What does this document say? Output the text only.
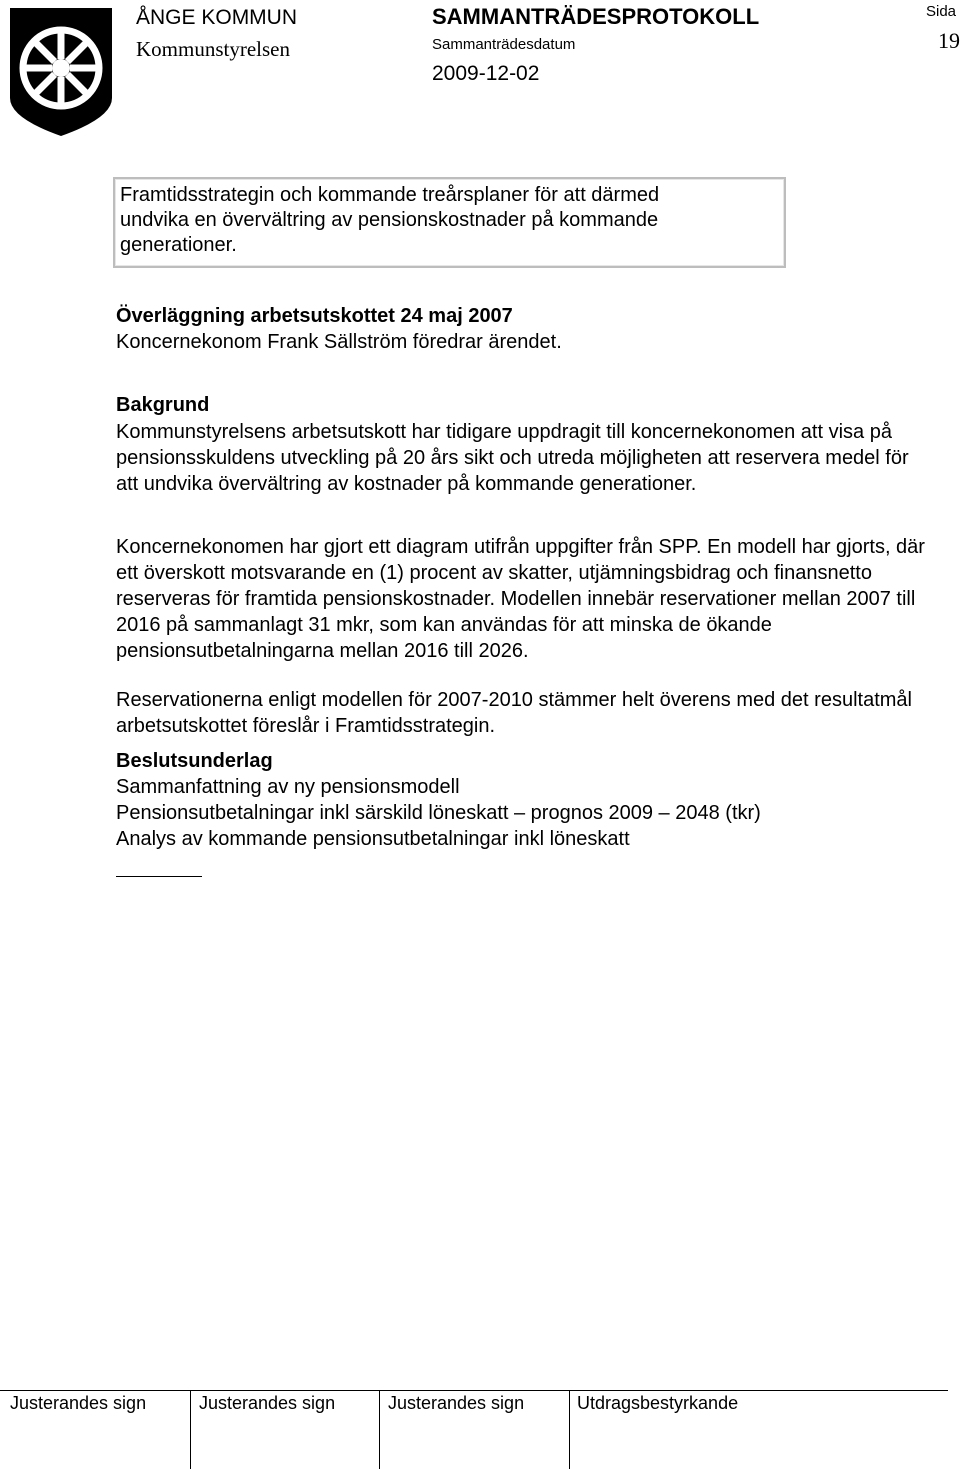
ÅNGE KOMMUN
Kommunstyrelsen
SAMMANTRÄDESPROTOKOLL
Sammanträdesdatum
2009-12-02
Sida
19
Framtidsstrategin och kommande treårsplaner för att därmed
undvika en övervältring av pensionskostnader på kommande
generationer.
Överläggning arbetsutskottet 24 maj 2007
Koncernekonom Frank Sällström föredrar ärendet.
Bakgrund
Kommunstyrelsens arbetsutskott har tidigare uppdragit till koncernekonomen att visa på pensionsskuldens utveckling på 20 års sikt och utreda möjligheten att reservera medel för att undvika övervältring av kostnader på kommande generationer.
Koncernekonomen har gjort ett diagram utifrån uppgifter från SPP. En modell har gjorts, där ett överskott motsvarande en (1) procent av skatter, utjämningsbidrag och finansnetto reserveras för framtida pensionskostnader. Modellen innebär reservationer mellan 2007 till 2016 på sammanlagt 31 mkr, som kan användas för att minska de ökande pensionsutbetalningarna mellan 2016 till 2026.
Reservationerna enligt modellen för 2007-2010 stämmer helt överens med det resultatmål arbetsutskottet föreslår i Framtidsstrategin.
Beslutsunderlag
Sammanfattning av ny pensionsmodell
Pensionsutbetalningar inkl särskild löneskatt – prognos 2009 – 2048 (tkr)
Analys av kommande pensionsutbetalningar inkl löneskatt
Justerandes sign	Justerandes sign	Justerandes sign	Utdragsbestyrkande
